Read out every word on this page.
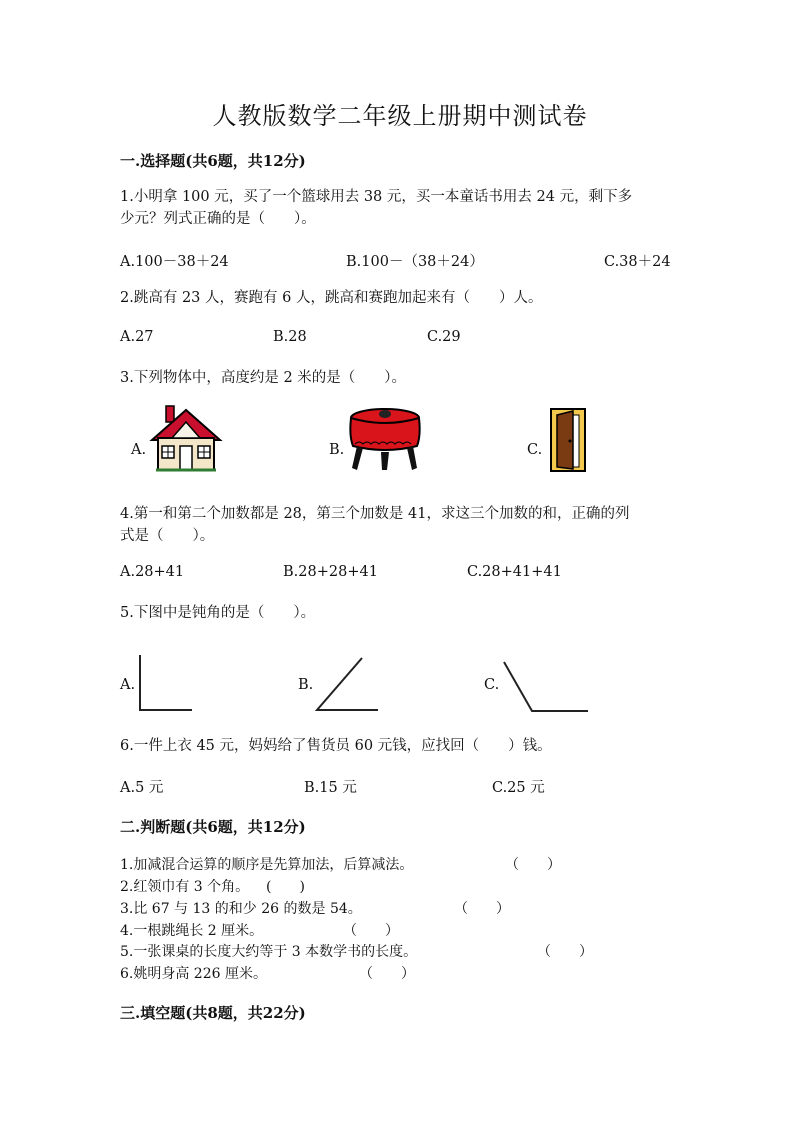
人教版数学二年级上册期中测试卷
一.选择题(共6题，共12分)
1.小明拿 100 元，买了一个篮球用去 38 元，买一本童话书用去 24 元，剩下多
少元？列式正确的是（　　）。
A.100－38＋24	B.100－（38＋24）	C.38＋24
2.跳高有 23 人，赛跑有 6 人，跳高和赛跑加起来有（　　）人。
A.27	B.28	C.29
3.下列物体中，高度约是 2 米的是（　　）。
A.	B.	C.
4.第一和第二个加数都是 28，第三个加数是 41，求这三个加数的和，正确的列
式是（　　）。
A.28+41	B.28+28+41	C.28+41+41
5.下图中是钝角的是（　　）。
A.	B.	C.
6.一件上衣 45 元，妈妈给了售货员 60 元钱，应找回（　　）钱。
A.5 元	B.15 元	C.25 元
二.判断题(共6题，共12分)
1.加减混合运算的顺序是先算加法，后算减法。	（　　）
2.红领巾有 3 个角。 (　　)
3.比 67 与 13 的和少 26 的数是 54。	（　　）
4.一根跳绳长 2 厘米。	（　　）
5.一张课桌的长度大约等于 3 本数学书的长度。	（　　）
6.姚明身高 226 厘米。	（　　）
三.填空题(共8题，共22分)
